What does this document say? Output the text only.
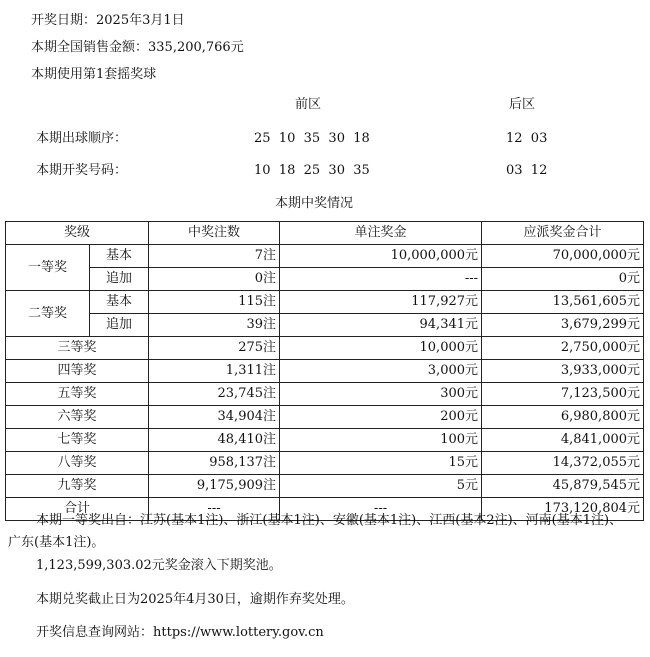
开奖日期：2025年3月1日
本期全国销售金额：335,200,766元
本期使用第1套摇奖球
前区	后区
本期出球顺序：	25  10  35  30  18	12  03
本期开奖号码：	10  18  25  30  35	03  12
本期中奖情况
奖级		中奖注数	单注奖金	应派奖金合计
一等奖	基本	7注	10,000,000元	70,000,000元
	追加	0注	---	0元
二等奖	基本	115注	117,927元	13,561,605元
	追加	39注	94,341元	3,679,299元
三等奖		275注	10,000元	2,750,000元
四等奖		1,311注	3,000元	3,933,000元
五等奖		23,745注	300元	7,123,500元
六等奖		34,904注	200元	6,980,800元
七等奖		48,410注	100元	4,841,000元
八等奖		958,137注	15元	14,372,055元
九等奖		9,175,909注	5元	45,879,545元
合计		---	---	173,120,804元
本期一等奖出自：江苏(基本1注)、浙江(基本1注)、安徽(基本1注)、江西(基本2注)、河南(基本1注)、广东(基本1注)。
1,123,599,303.02元奖金滚入下期奖池。
本期兑奖截止日为2025年4月30日，逾期作弃奖处理。
开奖信息查询网站：https://www.lottery.gov.cn
